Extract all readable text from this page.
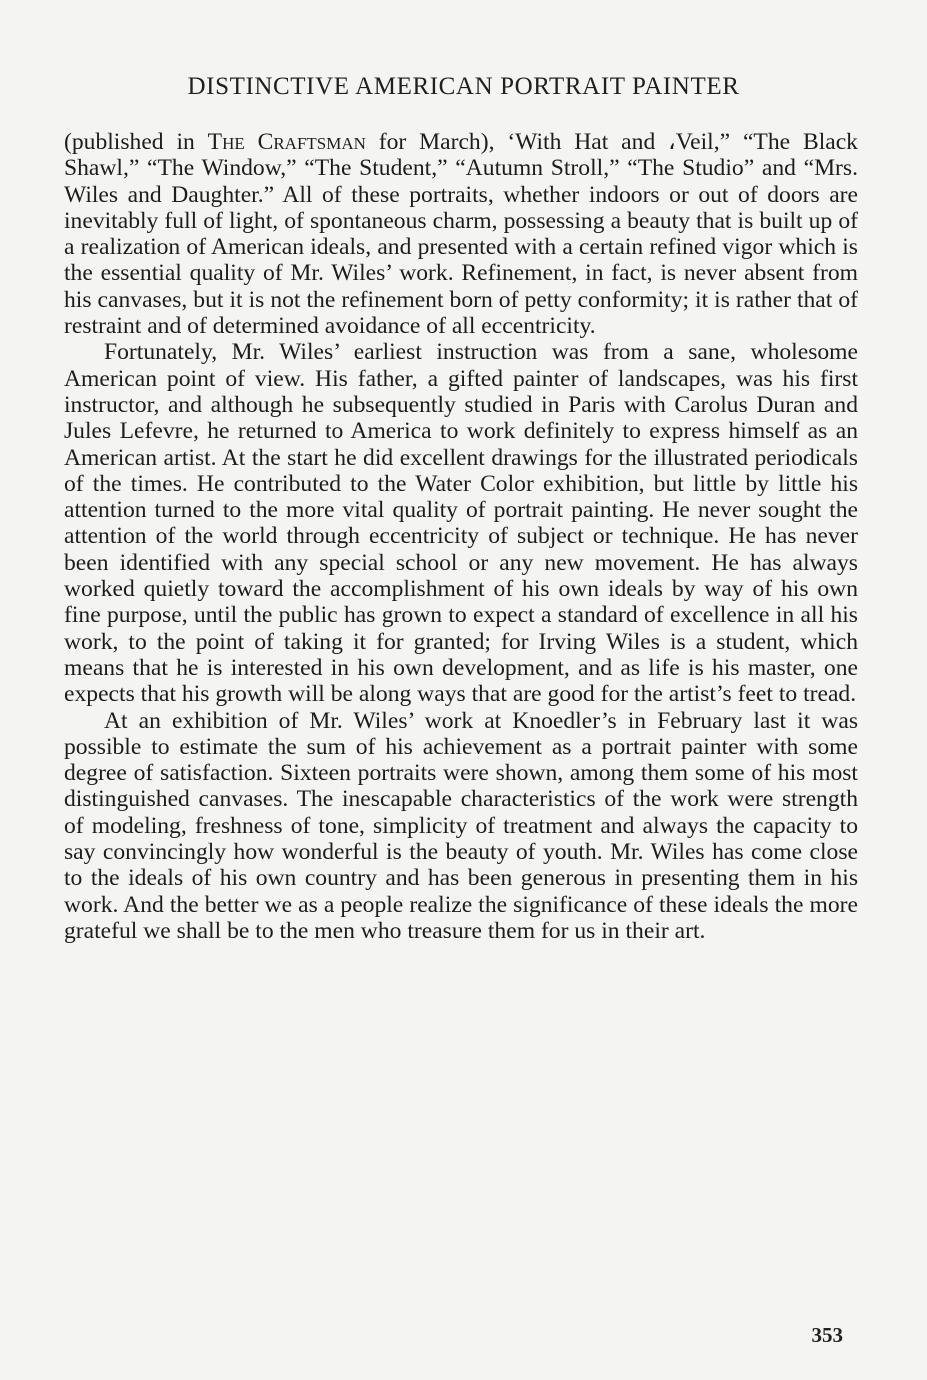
DISTINCTIVE AMERICAN PORTRAIT PAINTER

(published in The Craftsman for March), ‘With Hat and ،Veil,” “The Black Shawl,” “The Window,” “The Student,” “Autumn Stroll,” “The Studio” and “Mrs. Wiles and Daughter.” All of these portraits, whether indoors or out of doors are inevitably full of light, of spontaneous charm, possessing a beauty that is built up of a realization of American ideals, and presented with a certain refined vigor which is the essential quality of Mr. Wiles’ work. Refinement, in fact, is never absent from his canvases, but it is not the refinement born of petty conformity; it is rather that of restraint and of determined avoidance of all eccentricity.

Fortunately, Mr. Wiles’ earliest instruction was from a sane, wholesome American point of view. His father, a gifted painter of landscapes, was his first instructor, and although he subsequently studied in Paris with Carolus Duran and Jules Lefevre, he returned to America to work definitely to express himself as an American artist. At the start he did excellent drawings for the illustrated periodicals of the times. He contributed to the Water Color exhibition, but little by little his attention turned to the more vital quality of portrait painting. He never sought the attention of the world through eccentricity of subject or technique. He has never been identified with any special school or any new movement. He has always worked quietly toward the accomplishment of his own ideals by way of his own fine purpose, until the public has grown to expect a standard of excellence in all his work, to the point of taking it for granted; for Irving Wiles is a student, which means that he is interested in his own development, and as life is his master, one expects that his growth will be along ways that are good for the artist’s feet to tread.

At an exhibition of Mr. Wiles’ work at Knoedler’s in February last it was possible to estimate the sum of his achievement as a portrait painter with some degree of satisfaction. Sixteen portraits were shown, among them some of his most distinguished canvases. The inescapable characteristics of the work were strength of modeling, freshness of tone, simplicity of treatment and always the capacity to say convincingly how wonderful is the beauty of youth. Mr. Wiles has come close to the ideals of his own country and has been generous in presenting them in his work. And the better we as a people realize the significance of these ideals the more grateful we shall be to the men who treasure them for us in their art.

353
